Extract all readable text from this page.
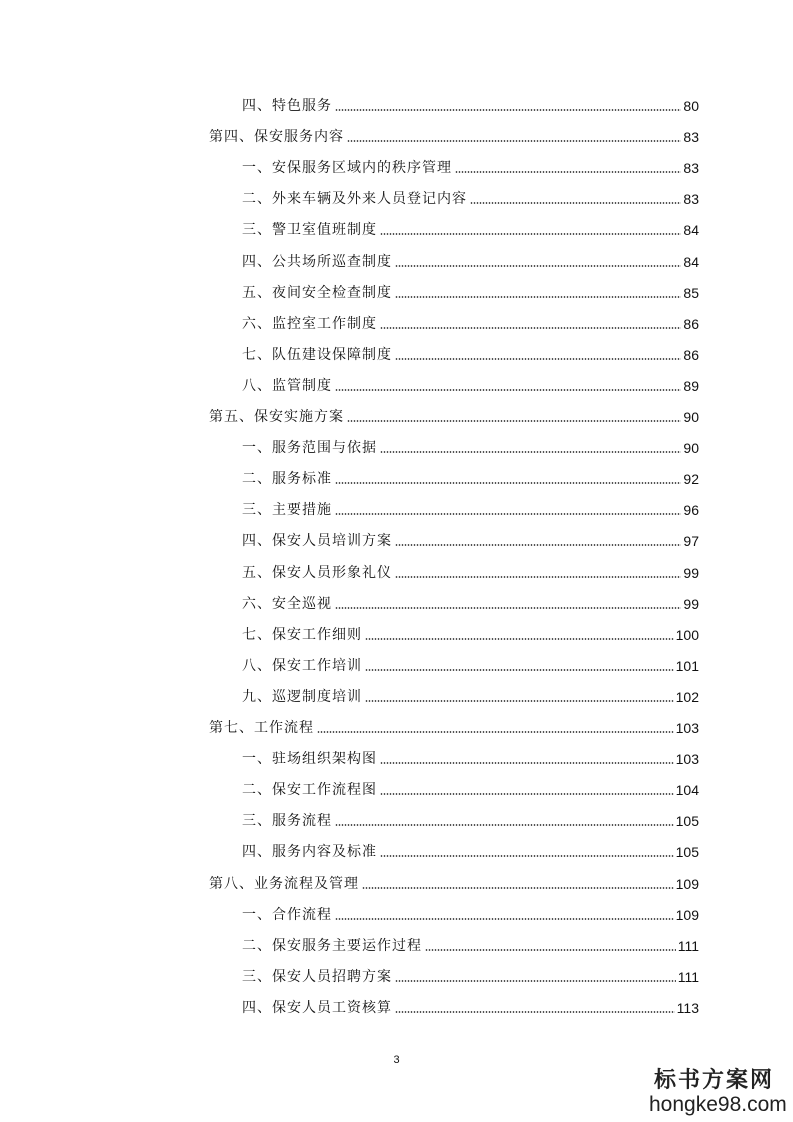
四、特色服务	80
第四、保安服务内容	83
一、安保服务区域内的秩序管理	83
二、外来车辆及外来人员登记内容	83
三、警卫室值班制度	84
四、公共场所巡查制度	84
五、夜间安全检查制度	85
六、监控室工作制度	86
七、队伍建设保障制度	86
八、监管制度	89
第五、保安实施方案	90
一、服务范围与依据	90
二、服务标准	92
三、主要措施	96
四、保安人员培训方案	97
五、保安人员形象礼仪	99
六、安全巡视	99
七、保安工作细则	100
八、保安工作培训	101
九、巡逻制度培训	102
第七、工作流程	103
一、驻场组织架构图	103
二、保安工作流程图	104
三、服务流程	105
四、服务内容及标准	105
第八、业务流程及管理	109
一、合作流程	109
二、保安服务主要运作过程	111
三、保安人员招聘方案	111
四、保安人员工资核算	113
3
标书方案网
hongke98.com
